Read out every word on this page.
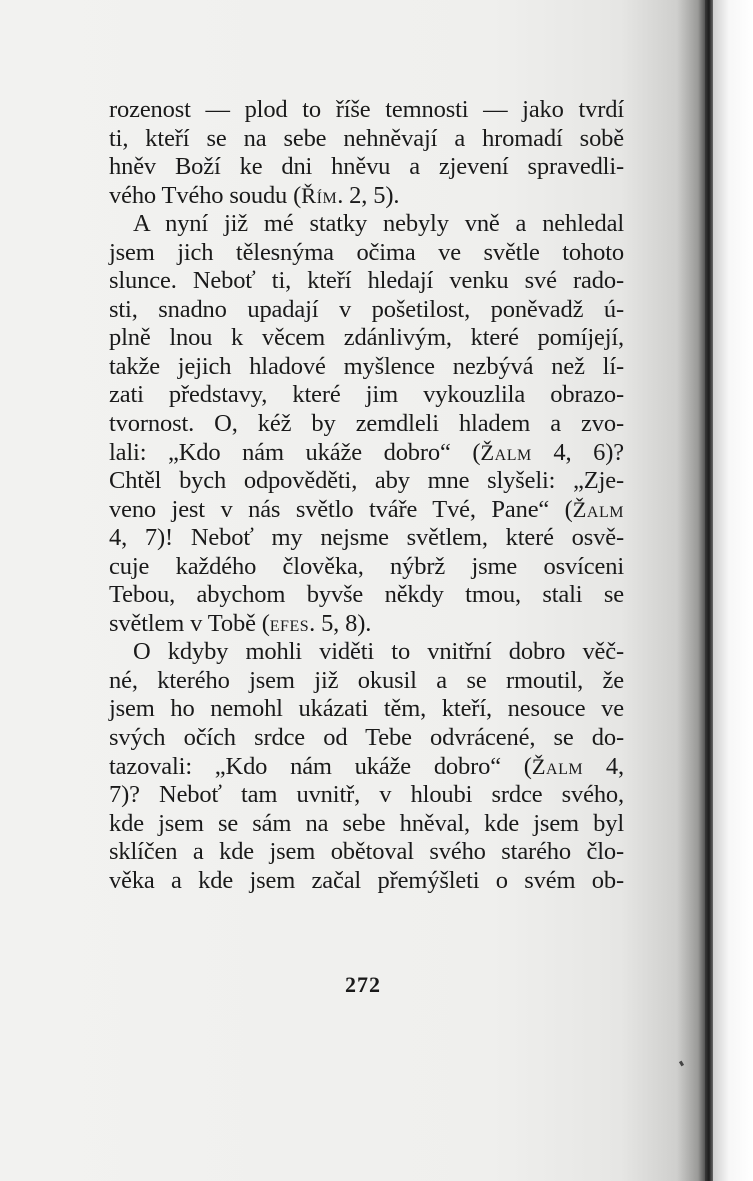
rozenost — plod to říše temnosti — jako tvrdí
ti, kteří se na sebe nehněvají a hromadí sobě
hněv Boží ke dni hněvu a zjevení spravedli-
vého Tvého soudu (Řím. 2, 5).
A nyní již mé statky nebyly vně a nehledal
jsem jich tělesnýma očima ve světle tohoto
slunce. Neboť ti, kteří hledají venku své rado-
sti, snadno upadají v pošetilost, poněvadž ú-
plně lnou k věcem zdánlivým, které pomíjejí,
takže jejich hladové myšlence nezbývá než lí-
zati představy, které jim vykouzlila obrazo-
tvornost. O, kéž by zemdleli hladem a zvo-
lali: „Kdo nám ukáže dobro“ (Žalm 4, 6)?
Chtěl bych odpověděti, aby mne slyšeli: „Zje-
veno jest v nás světlo tváře Tvé, Pane“ (Žalm
4, 7)! Neboť my nejsme světlem, které osvě-
cuje každého člověka, nýbrž jsme osvíceni
Tebou, abychom byvše někdy tmou, stali se
světlem v Tobě (efes. 5, 8).
O kdyby mohli viděti to vnitřní dobro věč-
né, kterého jsem již okusil a se rmoutil, že
jsem ho nemohl ukázati těm, kteří, nesouce ve
svých očích srdce od Tebe odvrácené, se do-
tazovali: „Kdo nám ukáže dobro“ (Žalm 4,
7)? Neboť tam uvnitř, v hloubi srdce svého,
kde jsem se sám na sebe hněval, kde jsem byl
sklíčen a kde jsem obětoval svého starého člo-
věka a kde jsem začal přemýšleti o svém ob-
272
